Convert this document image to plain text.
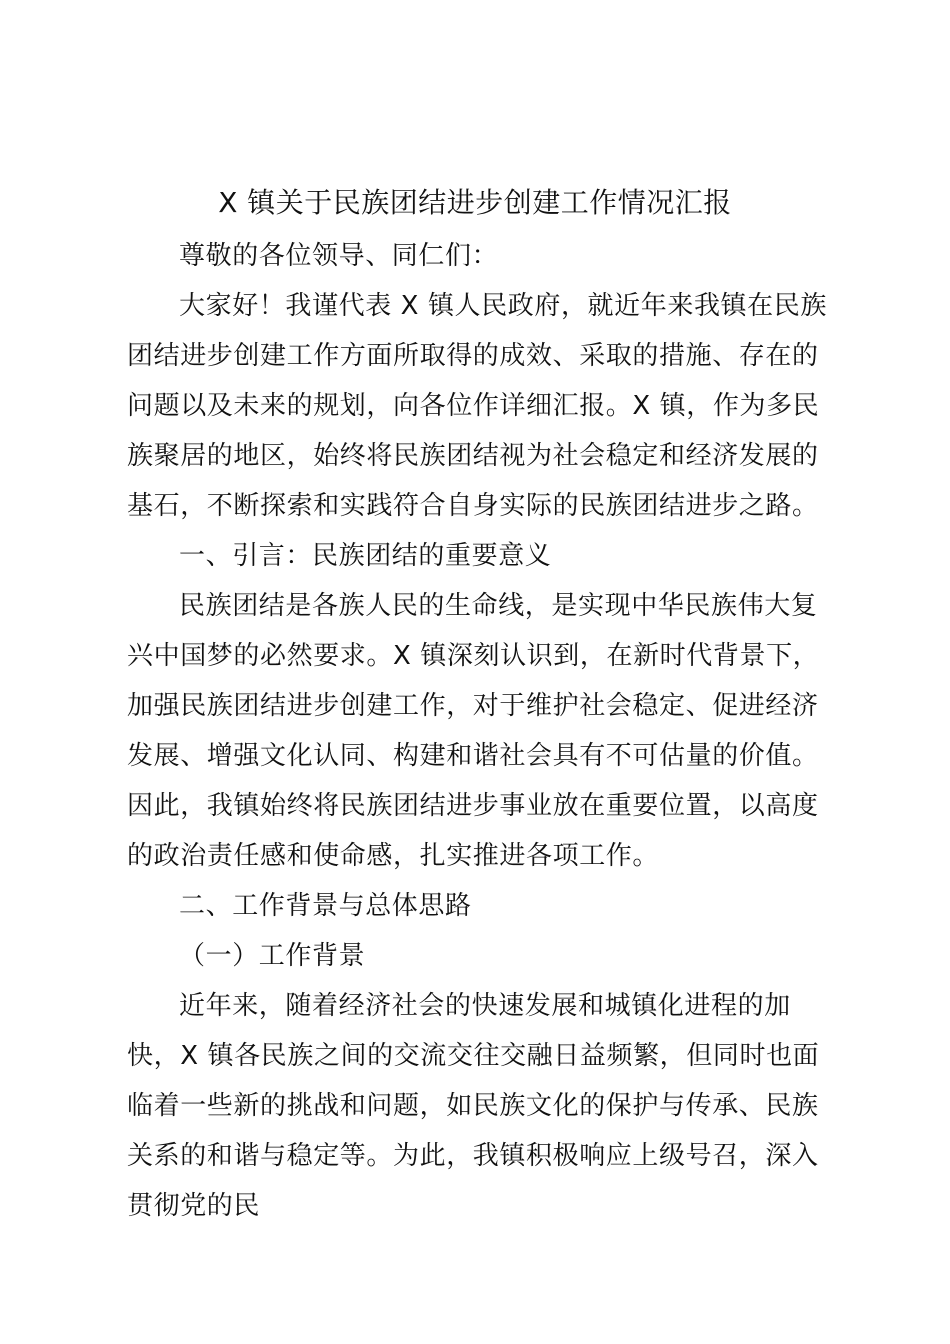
X 镇关于民族团结进步创建工作情况汇报

尊敬的各位领导、同仁们：

大家好！我谨代表 X 镇人民政府，就近年来我镇在民族团结进步创建工作方面所取得的成效、采取的措施、存在的问题以及未来的规划，向各位作详细汇报。X 镇，作为多民族聚居的地区，始终将民族团结视为社会稳定和经济发展的基石，不断探索和实践符合自身实际的民族团结进步之路。

一、引言：民族团结的重要意义

民族团结是各族人民的生命线，是实现中华民族伟大复兴中国梦的必然要求。X 镇深刻认识到，在新时代背景下，加强民族团结进步创建工作，对于维护社会稳定、促进经济发展、增强文化认同、构建和谐社会具有不可估量的价值。因此，我镇始终将民族团结进步事业放在重要位置，以高度的政治责任感和使命感，扎实推进各项工作。

二、工作背景与总体思路

（一）工作背景

近年来，随着经济社会的快速发展和城镇化进程的加快，X 镇各民族之间的交流交往交融日益频繁，但同时也面临着一些新的挑战和问题，如民族文化的保护与传承、民族关系的和谐与稳定等。为此，我镇积极响应上级号召，深入贯彻党的民
